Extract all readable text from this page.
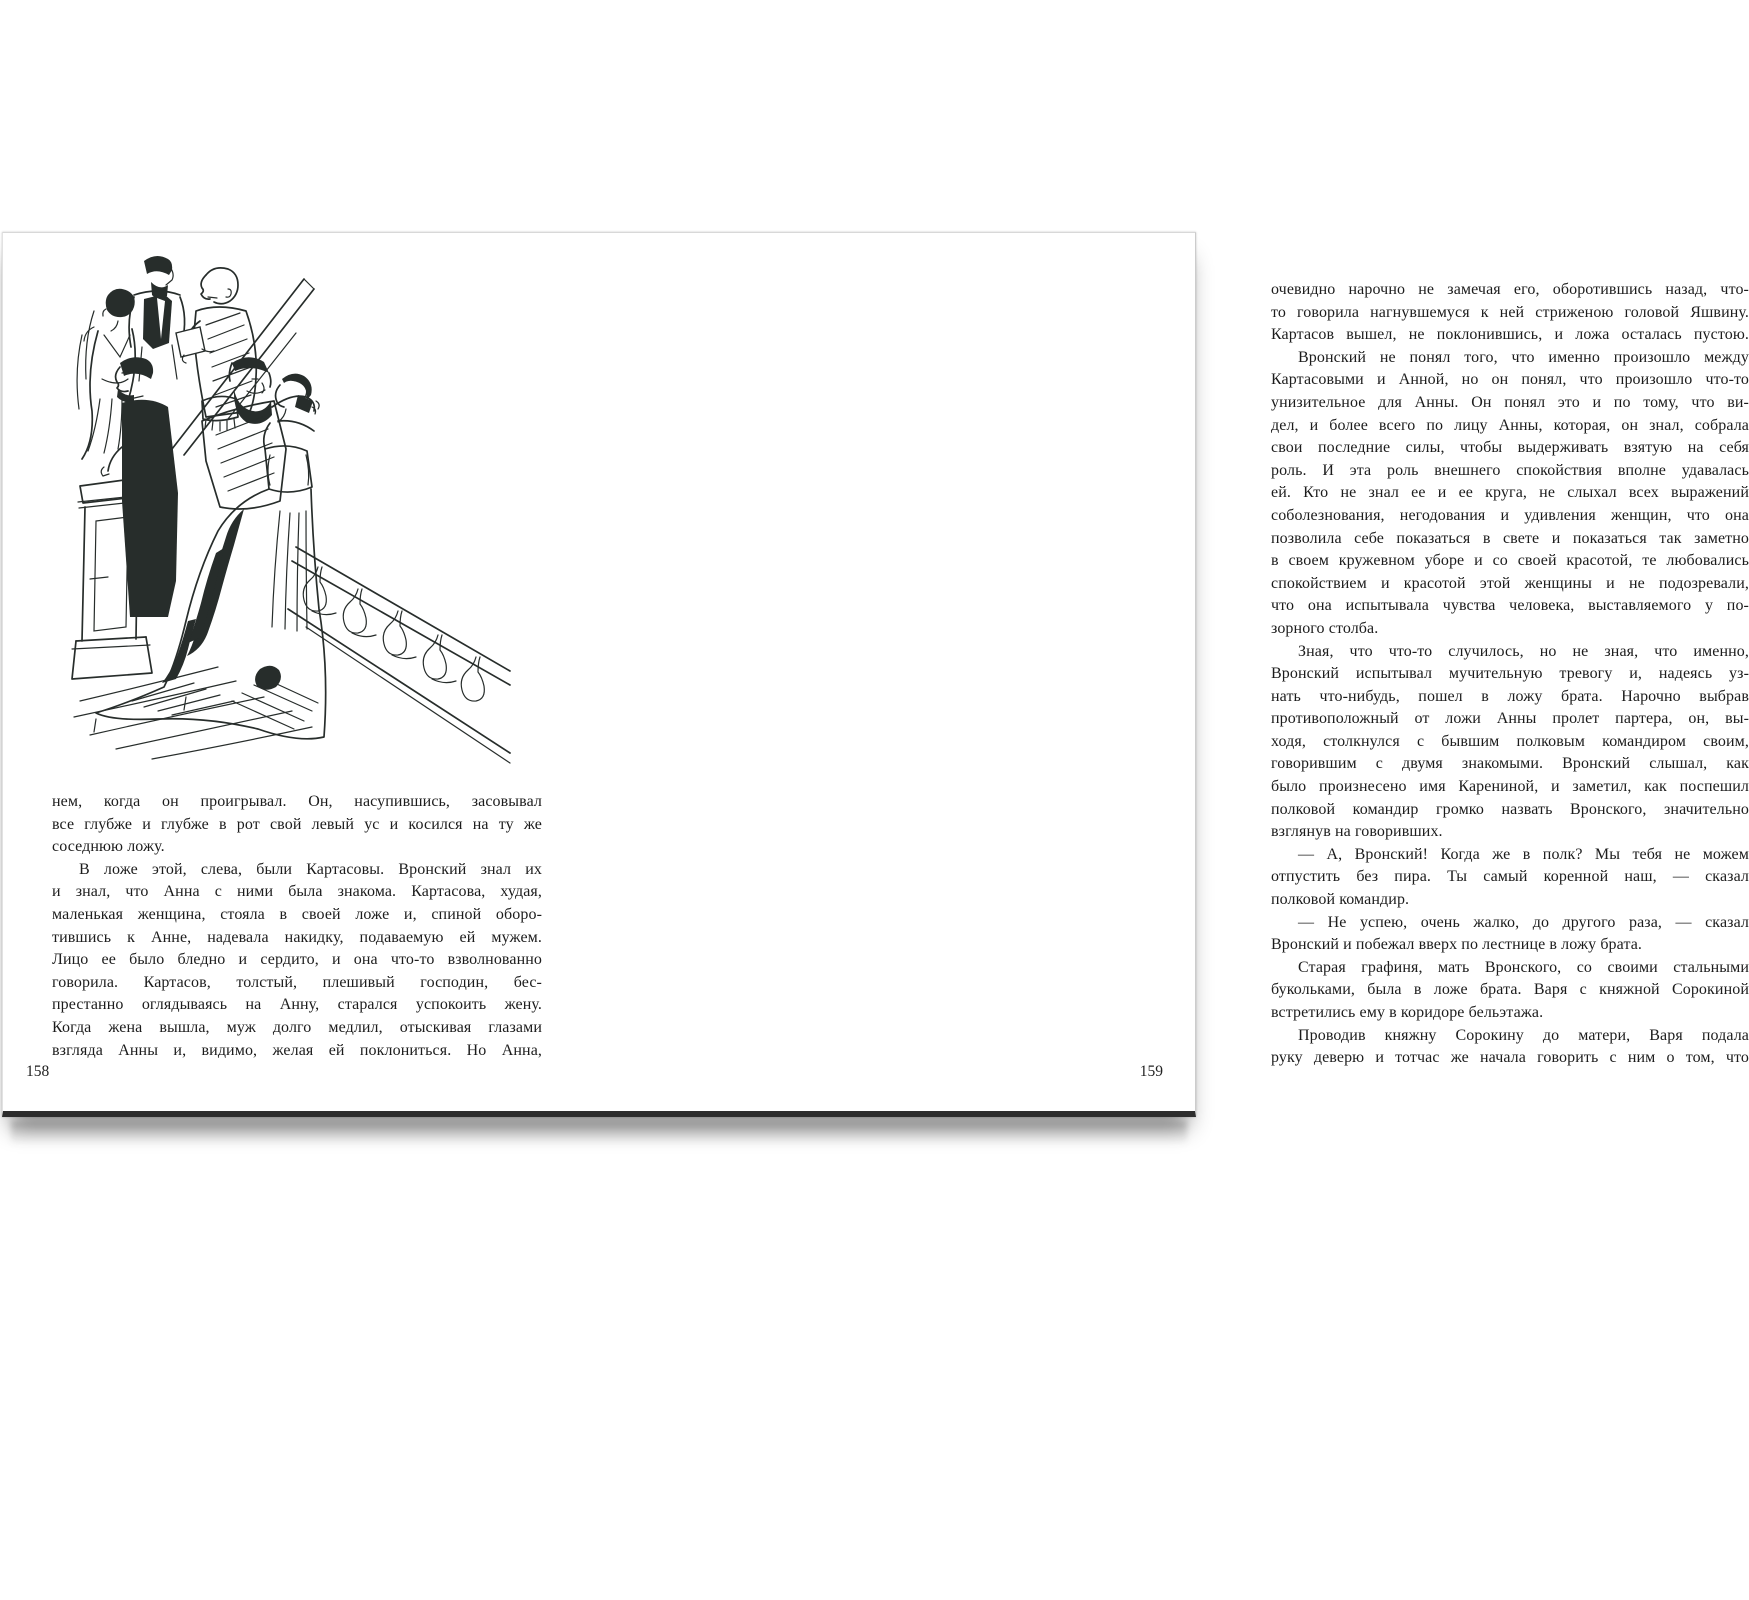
нем, когда он проигрывал. Он, насупившись, засовывал
все глубже и глубже в рот свой левый ус и косился на ту же
соседнюю ложу.
В ложе этой, слева, были Картасовы. Вронский знал их
и знал, что Анна с ними была знакома. Картасова, худая,
маленькая женщина, стояла в своей ложе и, спиной оборо-
тившись к Анне, надевала накидку, подаваемую ей мужем.
Лицо ее было бледно и сердито, и она что-то взволнованно
говорила. Картасов, толстый, плешивый господин, бес-
престанно оглядываясь на Анну, старался успокоить жену.
Когда жена вышла, муж долго медлил, отыскивая глазами
взгляда Анны и, видимо, желая ей поклониться. Но Анна,
158
очевидно нарочно не замечая его, оборотившись назад, что-
то говорила нагнувшемуся к ней стриженою головой Яшвину.
Картасов вышел, не поклонившись, и ложа осталась пустою.
Вронский не понял того, что именно произошло между
Картасовыми и Анной, но он понял, что произошло что-то
унизительное для Анны. Он понял это и по тому, что ви-
дел, и более всего по лицу Анны, которая, он знал, собрала
свои последние силы, чтобы выдерживать взятую на себя
роль. И эта роль внешнего спокойствия вполне удавалась
ей. Кто не знал ее и ее круга, не слыхал всех выражений
соболезнования, негодования и удивления женщин, что она
позволила себе показаться в свете и показаться так заметно
в своем кружевном уборе и со своей красотой, те любовались
спокойствием и красотой этой женщины и не подозревали,
что она испытывала чувства человека, выставляемого у по-
зорного столба.
Зная, что что-то случилось, но не зная, что именно,
Вронский испытывал мучительную тревогу и, надеясь уз-
нать что-нибудь, пошел в ложу брата. Нарочно выбрав
противоположный от ложи Анны пролет партера, он, вы-
ходя, столкнулся с бывшим полковым командиром своим,
говорившим с двумя знакомыми. Вронский слышал, как
было произнесено имя Карениной, и заметил, как поспешил
полковой командир громко назвать Вронского, значительно
взглянув на говоривших.
— А, Вронский! Когда же в полк? Мы тебя не можем
отпустить без пира. Ты самый коренной наш, — сказал
полковой командир.
— Не успею, очень жалко, до другого раза, — сказал
Вронский и побежал вверх по лестнице в ложу брата.
Старая графиня, мать Вронского, со своими стальными
букольками, была в ложе брата. Варя с княжной Сорокиной
встретились ему в коридоре бельэтажа.
Проводив княжну Сорокину до матери, Варя подала
руку деверю и тотчас же начала говорить с ним о том, что
159
